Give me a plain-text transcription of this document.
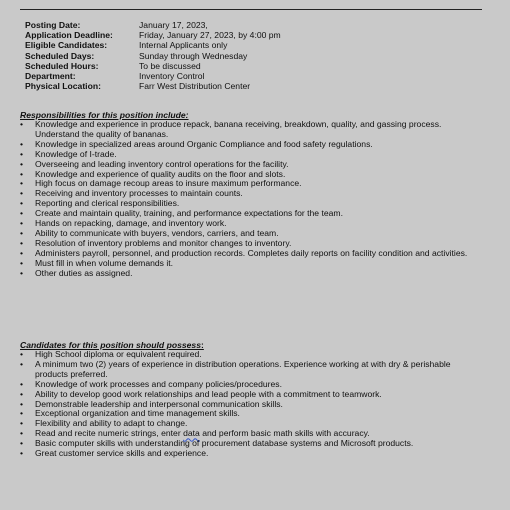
Posting Date:	January 17, 2023,
Application Deadline:	Friday, January 27, 2023, by 4:00 pm
Eligible Candidates:	Internal Applicants only
Scheduled Days:	Sunday through Wednesday
Scheduled Hours:	To be discussed
Department:	Inventory Control
Physical Location:	Farr West Distribution Center
Responsibilities for this position include:
•	Knowledge and experience in produce repack, banana receiving, breakdown, quality, and gassing process. Understand the quality of bananas.
•	Knowledge in specialized areas around Organic Compliance and food safety regulations.
•	Knowledge of I-trade.
•	Overseeing and leading inventory control operations for the facility.
•	Knowledge and experience of quality audits on the floor and slots.
•	High focus on damage recoup areas to insure maximum performance.
•	Receiving and inventory processes to maintain counts.
•	Reporting and clerical responsibilities.
•	Create and maintain quality, training, and performance expectations for the team.
•	Hands on repacking, damage, and inventory work.
•	Ability to communicate with buyers, vendors, carriers, and team.
•	Resolution of inventory problems and monitor changes to inventory.
•	Administers payroll, personnel, and production records. Completes daily reports on facility condition and activities.
•	Must fill in when volume demands it.
•	Other duties as assigned.
Candidates for this position should possess:
•	High School diploma or equivalent required.
•	A minimum two (2) years of experience in distribution operations. Experience working at with dry & perishable products preferred.
•	Knowledge of work processes and company policies/procedures.
•	Ability to develop good work relationships and lead people with a commitment to teamwork.
•	Demonstrable leadership and interpersonal communication skills.
•	Exceptional organization and time management skills.
•	Flexibility and ability to adapt to change.
•	Read and recite numeric strings, enter data and perform basic math skills with accuracy.
•	Basic computer skills with understanding of procurement database systems and Microsoft products.
•	Great customer service skills and experience.
